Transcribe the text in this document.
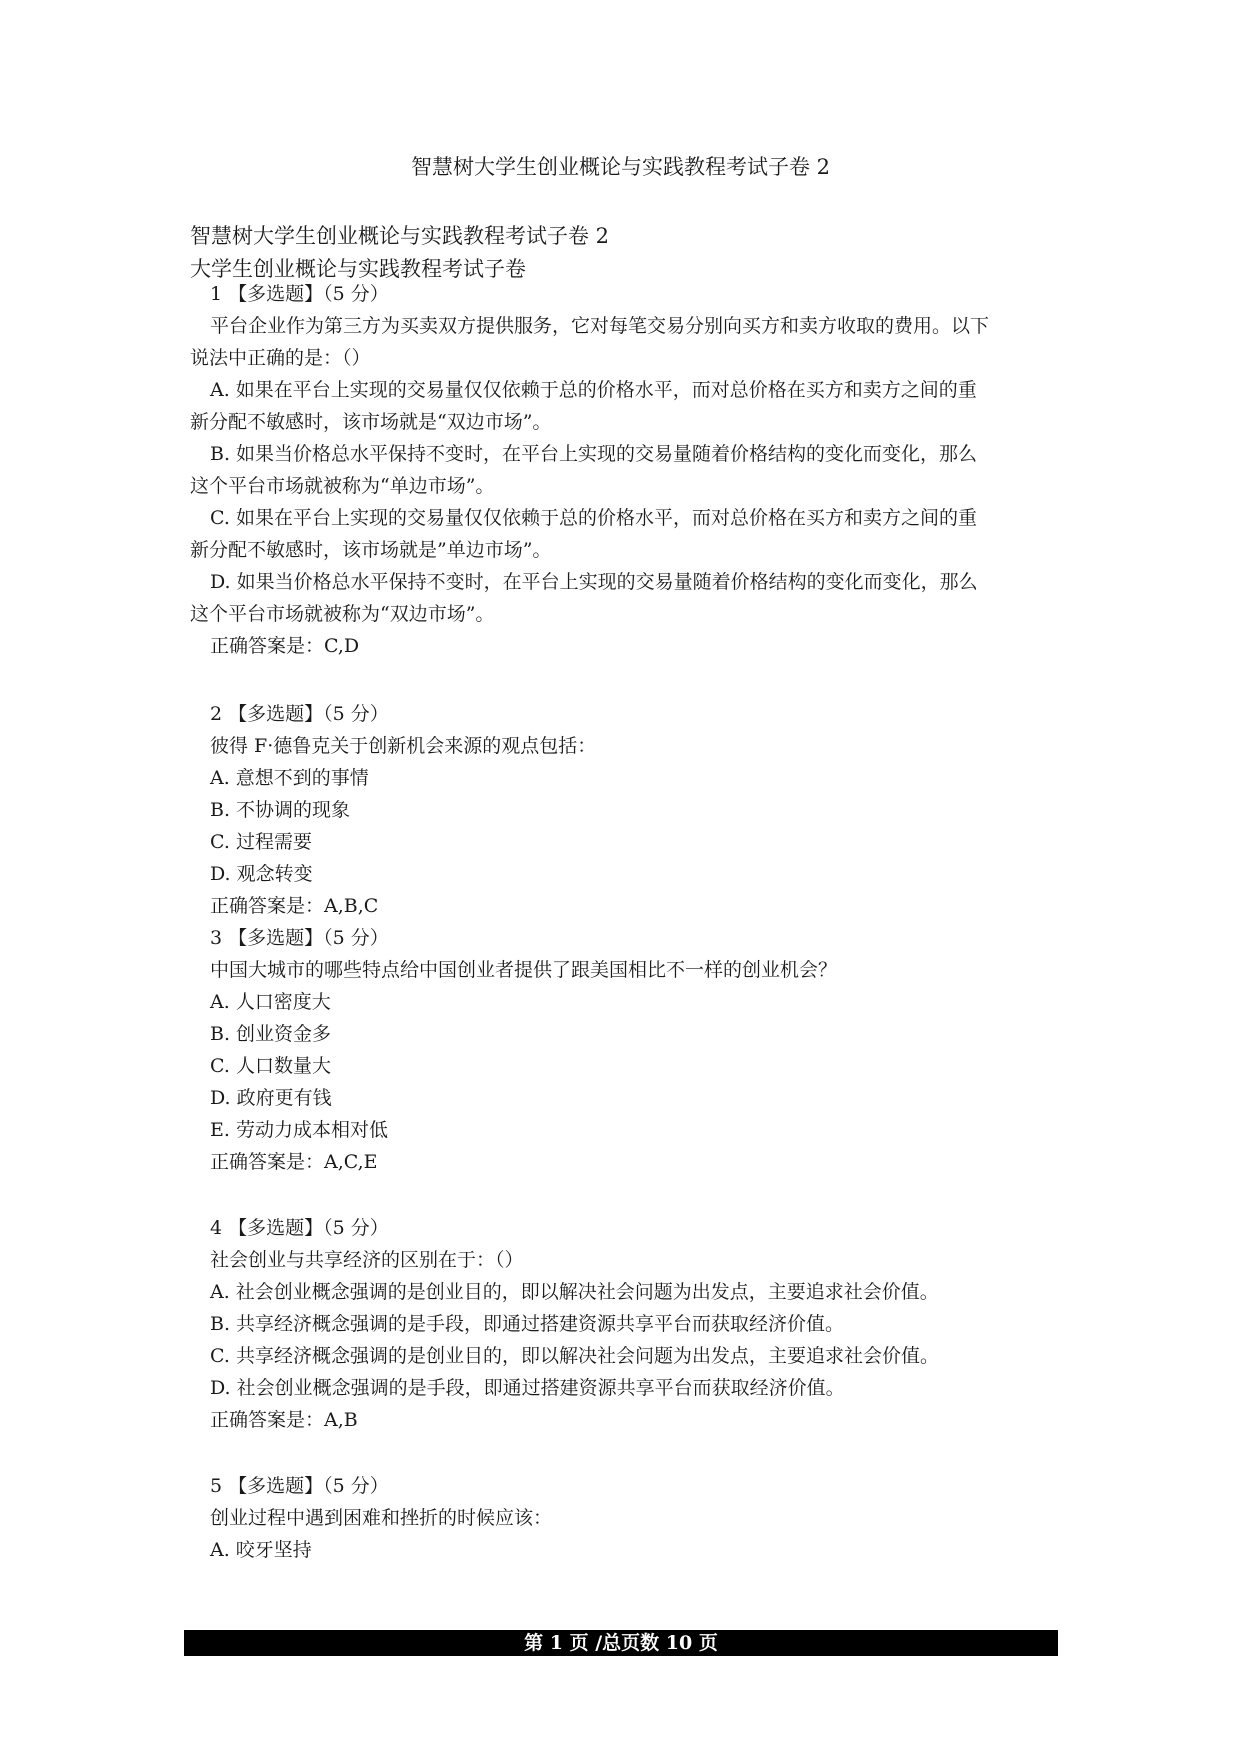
智慧树大学生创业概论与实践教程考试子卷 2
智慧树大学生创业概论与实践教程考试子卷 2
大学生创业概论与实践教程考试子卷
1 【多选题】（5 分）
平台企业作为第三方为买卖双方提供服务，它对每笔交易分别向买方和卖方收取的费用。以下
说法中正确的是：（）
A. 如果在平台上实现的交易量仅仅依赖于总的价格水平，而对总价格在买方和卖方之间的重
新分配不敏感时，该市场就是“双边市场”。
B. 如果当价格总水平保持不变时，在平台上实现的交易量随着价格结构的变化而变化，那么
这个平台市场就被称为“单边市场”。
C. 如果在平台上实现的交易量仅仅依赖于总的价格水平，而对总价格在买方和卖方之间的重
新分配不敏感时，该市场就是”单边市场”。
D. 如果当价格总水平保持不变时，在平台上实现的交易量随着价格结构的变化而变化，那么
这个平台市场就被称为“双边市场”。
正确答案是：C,D
2 【多选题】（5 分）
彼得 F·德鲁克关于创新机会来源的观点包括：
A. 意想不到的事情
B. 不协调的现象
C. 过程需要
D. 观念转变
正确答案是：A,B,C
3 【多选题】（5 分）
中国大城市的哪些特点给中国创业者提供了跟美国相比不一样的创业机会？
A. 人口密度大
B. 创业资金多
C. 人口数量大
D. 政府更有钱
E. 劳动力成本相对低
正确答案是：A,C,E
4 【多选题】（5 分）
社会创业与共享经济的区别在于：（）
A. 社会创业概念强调的是创业目的，即以解决社会问题为出发点，主要追求社会价值。
B. 共享经济概念强调的是手段，即通过搭建资源共享平台而获取经济价值。
C. 共享经济概念强调的是创业目的，即以解决社会问题为出发点，主要追求社会价值。
D. 社会创业概念强调的是手段，即通过搭建资源共享平台而获取经济价值。
正确答案是：A,B
5 【多选题】（5 分）
创业过程中遇到困难和挫折的时候应该：
A. 咬牙坚持
第 1 页 /总页数 10 页
